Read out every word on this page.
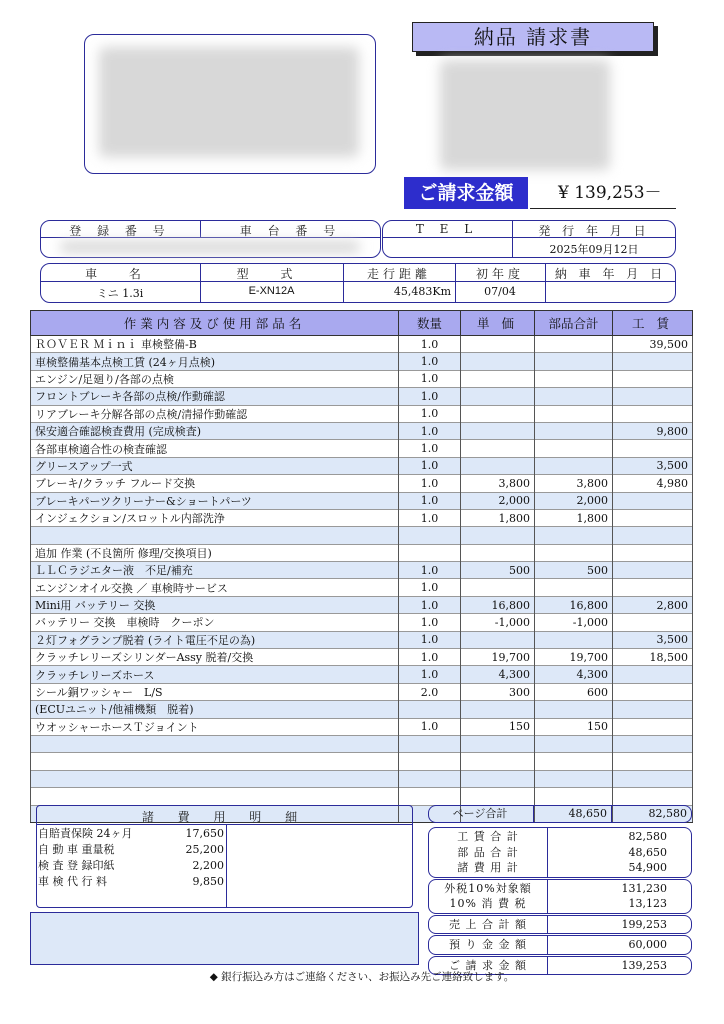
納品 請求書
ご請求金額	¥ 139,253－
登 録 番 号	車 台 番 号	T E L	発 行 年 月 日
2025年09月12日
車 名	型 式	走行距離	初年度	納 車 年 月 日
ミニ 1.3i	E-XN12A	45,483Km	07/04
作業内容及び使用部品名	数量	単 価	部品合計	工 賃
ＲＯＶＥＲ Ｍｉｎｉ 車検整備-B	1.0			39,500
車検整備基本点検工賃 (24ヶ月点検)	1.0			
エンジン/足廻り/各部の点検	1.0			
フロントブレーキ各部の点検/作動確認	1.0			
リアブレーキ分解各部の点検/清掃作動確認	1.0			
保安適合確認検査費用 (完成検査)	1.0			9,800
各部車検適合性の検査確認	1.0			
グリースアップ一式	1.0			3,500
ブレーキ/クラッチ フルード交換	1.0	3,800	3,800	4,980
ブレーキパーツクリーナー&ショートパーツ	1.0	2,000	2,000	
インジェクション/スロットル内部洗浄	1.0	1,800	1,800	

追加 作業 (不良箇所 修理/交換項目)				
ＬＬＣラジエター液　不足/補充	1.0	500	500	
エンジンオイル交換 ／ 車検時サービス	1.0			
Mini用 バッテリー 交換	1.0	16,800	16,800	2,800
バッテリー 交換　車検時　クーポン	1.0	-1,000	-1,000	
２灯フォグランプ脱着 (ライト電圧不足の為)	1.0			3,500
クラッチレリーズシリンダーAssy 脱着/交換	1.0	19,700	19,700	18,500
クラッチレリーズホース	1.0	4,300	4,300	
シール銅ワッシャー　L/S	2.0	300	600	
(ECUユニット/他補機類　脱着)				
ウオッシャーホースＴジョイント	1.0	150	150	

諸 費 用 明 細
自賠責保険 24ヶ月	17,650
自 動 車 重量税	25,200
検 査 登 録印紙	2,200
車 検 代 行 料	9,850
ページ合計	48,650	82,580
工 賃 合 計	82,580
部 品 合 計	48,650
諸 費 用 計	54,900
外税10%対象額	131,230
10% 消 費 税	13,123
売 上 合 計 額	199,253
預 り 金 金 額	60,000
ご 請 求 金 額	139,253
◆ 銀行振込み方はご連絡ください、お振込み先ご連絡致します。
